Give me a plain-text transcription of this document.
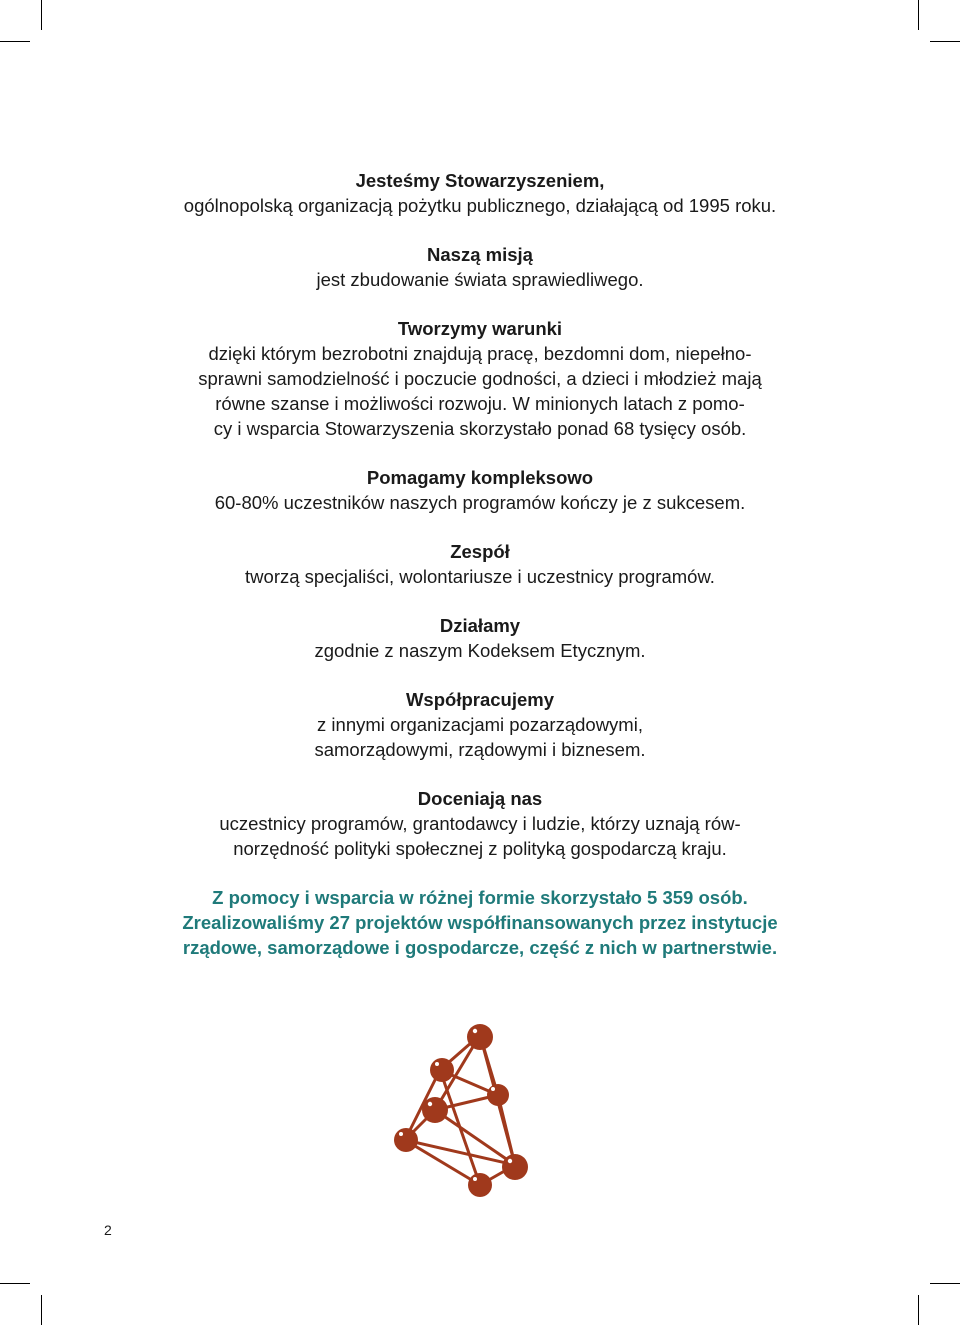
Jesteśmy Stowarzyszeniem,
ogólnopolską organizacją pożytku publicznego, działającą od 1995 roku.
Naszą misją
jest zbudowanie świata sprawiedliwego.
Tworzymy warunki
dzięki którym bezrobotni znajdują pracę, bezdomni dom, niepełno-
sprawni samodzielność i poczucie godności, a dzieci i młodzież mają
równe szanse i możliwości rozwoju. W minionych latach z pomo-
cy i wsparcia Stowarzyszenia skorzystało ponad 68 tysięcy osób.
Pomagamy kompleksowo
60-80% uczestników naszych programów kończy je z sukcesem.
Zespół
tworzą specjaliści, wolontariusze i uczestnicy programów.
Działamy
zgodnie z naszym Kodeksem Etycznym.
Współpracujemy
z innymi organizacjami pozarządowymi,
samorządowymi, rządowymi i biznesem.
Doceniają nas
uczestnicy programów, grantodawcy i ludzie, którzy uznają rów-
norzędność polityki społecznej z polityką gospodarczą kraju.
Z pomocy i wsparcia w różnej formie skorzystało 5 359 osób.
Zrealizowaliśmy 27 projektów współfinansowanych przez instytucje
rządowe, samorządowe i gospodarcze, część z nich w partnerstwie.
2
